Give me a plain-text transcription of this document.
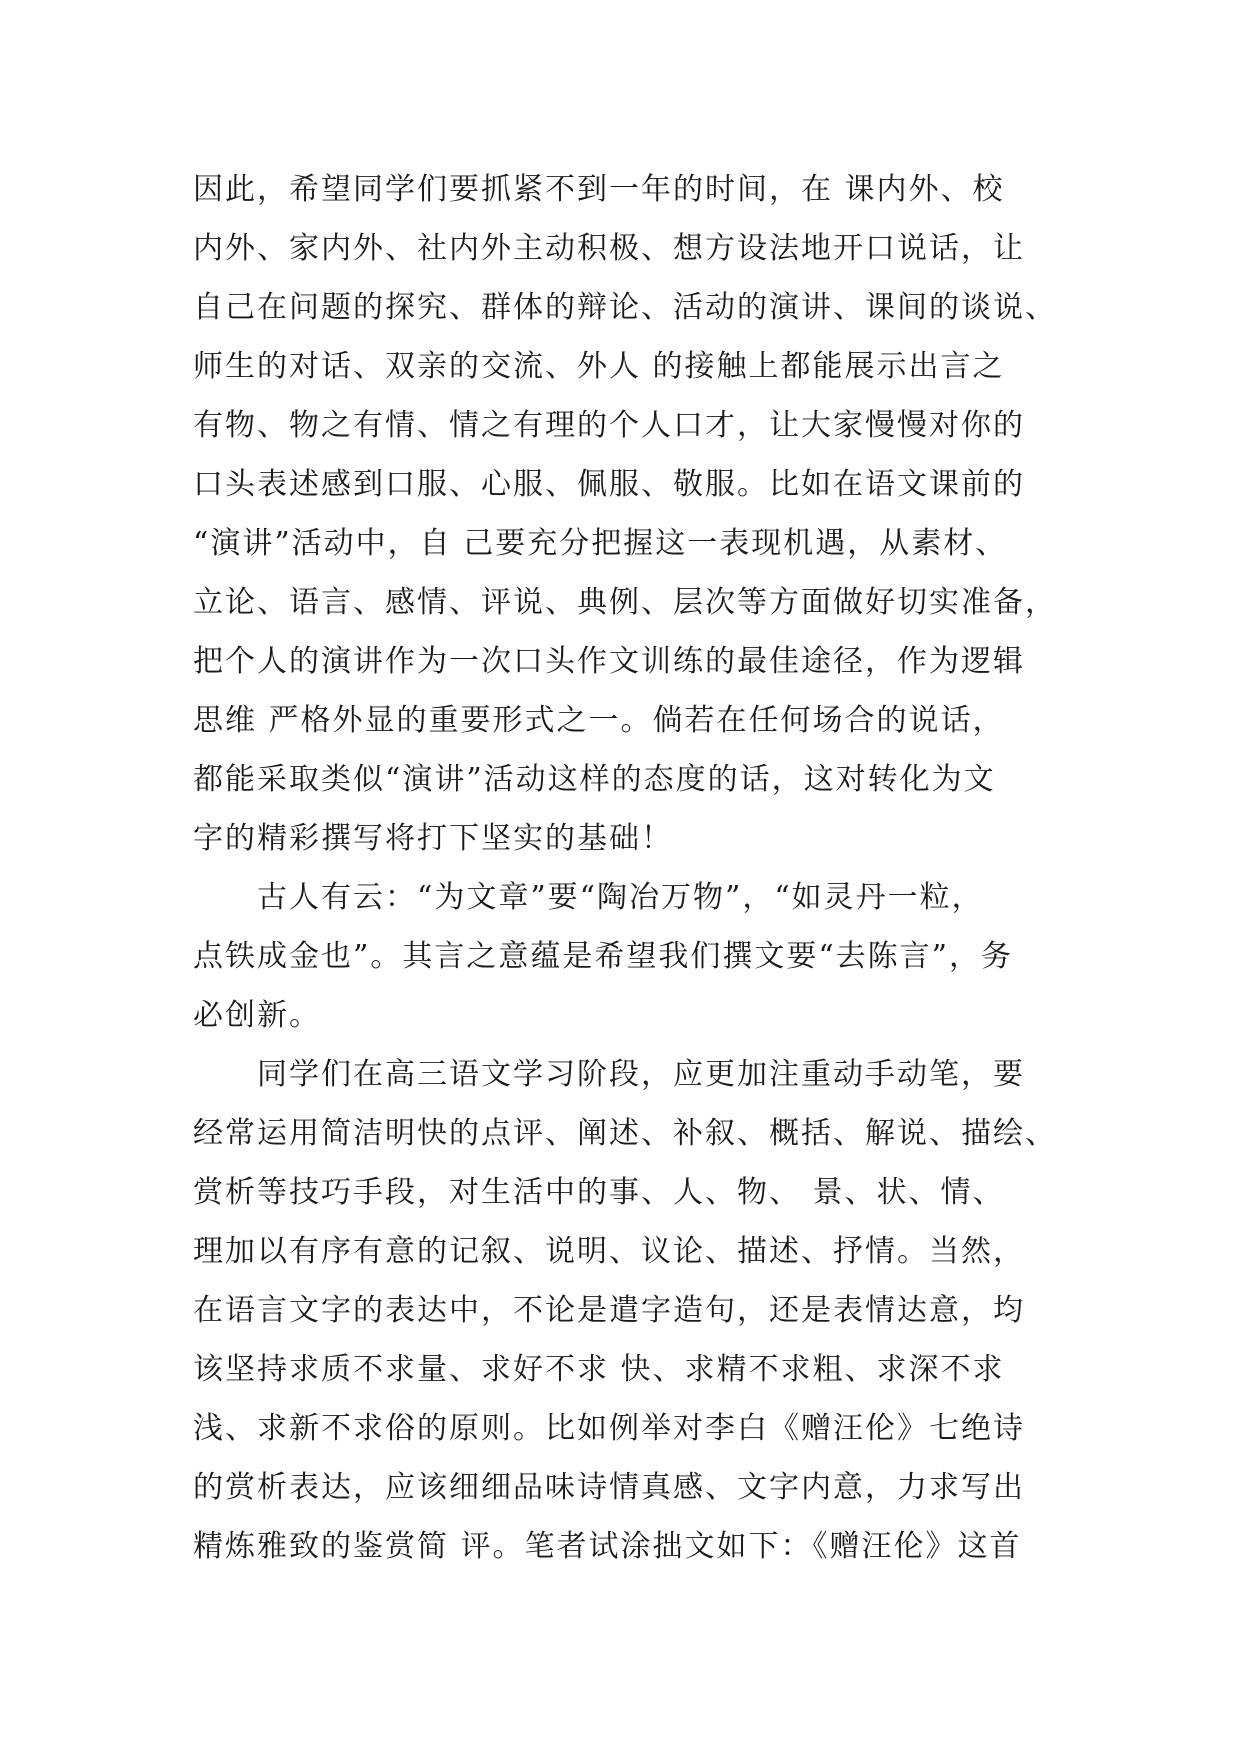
因此，希望同学们要抓紧不到一年的时间，在 课内外、校
内外、家内外、社内外主动积极、想方设法地开口说话，让
自己在问题的探究、群体的辩论、活动的演讲、课间的谈说、
师生的对话、双亲的交流、外人 的接触上都能展示出言之
有物、物之有情、情之有理的个人口才，让大家慢慢对你的
口头表述感到口服、心服、佩服、敬服。比如在语文课前的
“演讲”活动中，自 己要充分把握这一表现机遇，从素材、
立论、语言、感情、评说、典例、层次等方面做好切实准备，
把个人的演讲作为一次口头作文训练的最佳途径，作为逻辑
思维 严格外显的重要形式之一。倘若在任何场合的说话，
都能采取类似“演讲”活动这样的态度的话，这对转化为文
字的精彩撰写将打下坚实的基础！
古人有云：“为文章”要“陶冶万物”，“如灵丹一粒，
点铁成金也”。其言之意蕴是希望我们撰文要“去陈言”，务
必创新。
同学们在高三语文学习阶段，应更加注重动手动笔，要
经常运用简洁明快的点评、阐述、补叙、概括、解说、描绘、
赏析等技巧手段，对生活中的事、人、物、 景、状、情、
理加以有序有意的记叙、说明、议论、描述、抒情。当然，
在语言文字的表达中，不论是遣字造句，还是表情达意，均
该坚持求质不求量、求好不求 快、求精不求粗、求深不求
浅、求新不求俗的原则。比如例举对李白《赠汪伦》七绝诗
的赏析表达，应该细细品味诗情真感、文字内意，力求写出
精炼雅致的鉴赏简 评。笔者试涂拙文如下：《赠汪伦》这首
